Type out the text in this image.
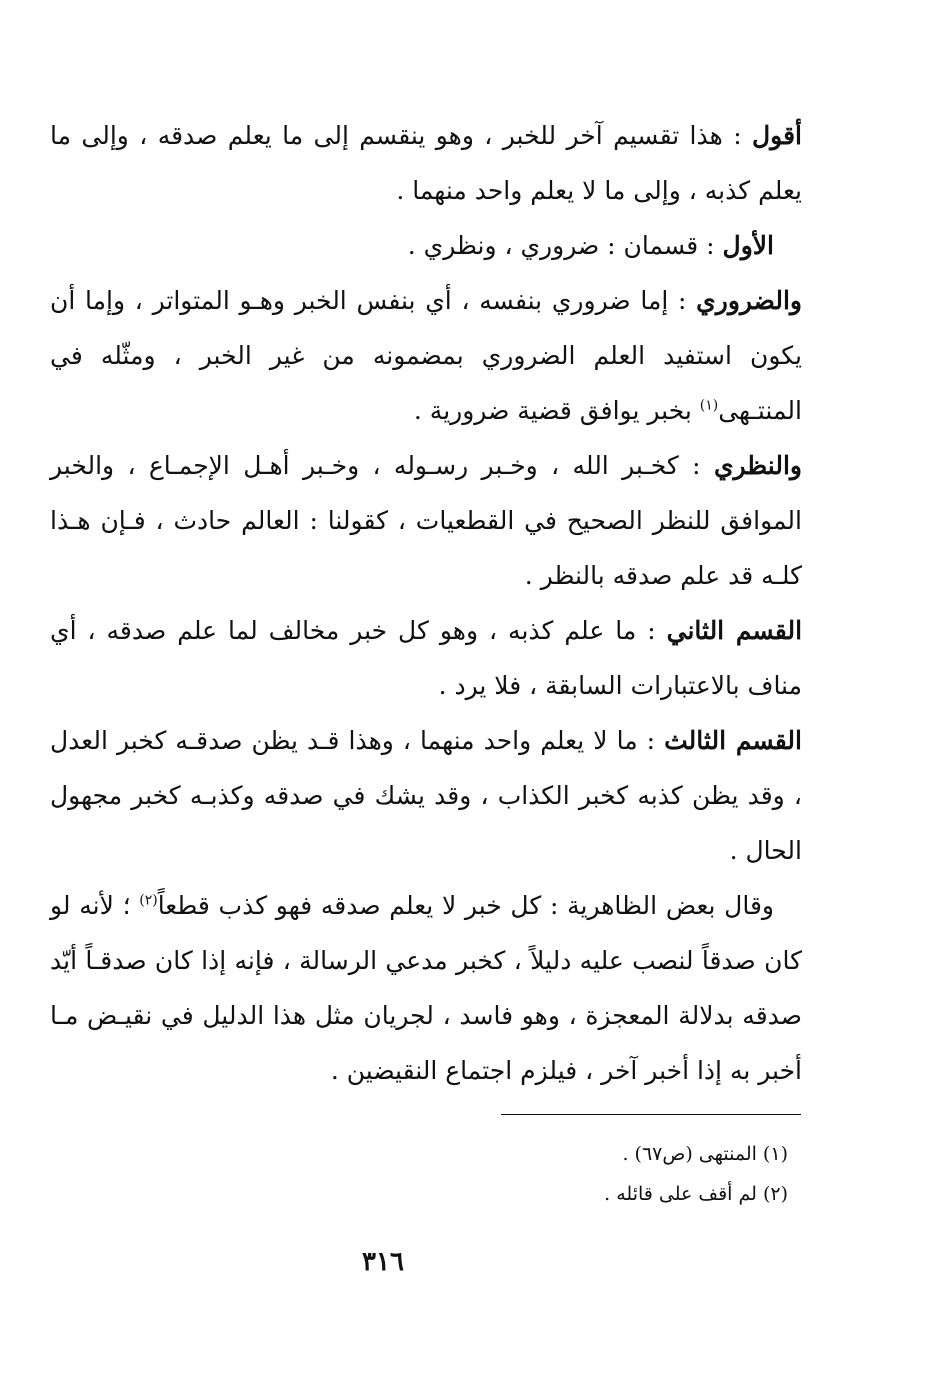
أقول : هذا تقسيم آخر للخبر ، وهو ينقسم إلى ما يعلم صدقه ، وإلى ما يعلم كذبه ، وإلى ما لا يعلم واحد منهما .

الأول : قسمان : ضروري ، ونظري .

والضروري : إما ضروري بنفسه ، أي بنفس الخبر وهـو المتواتر ، وإما أن يكون استفيد العلم الضروري بمضمونه من غير الخبر ، ومثّله في المنتـهى$^{(١)}$ بخبر يوافق قضية ضرورية .

والنظري : كخـبر الله ، وخـبر رسـوله ، وخـبر أهـل الإجمـاع ، والخبر الموافق للنظر الصحيح في القطعيات ، كقولنا : العالم حادث ، فـإن هـذا كلـه قد علم صدقه بالنظر .

القسم الثاني : ما علم كذبه ، وهو كل خبر مخالف لما علم صدقه ، أي مناف بالاعتبارات السابقة ، فلا يرد .

القسم الثالث : ما لا يعلم واحد منهما ، وهذا قـد يظن صدقـه كخبر العدل ، وقد يظن كذبه كخبر الكذاب ، وقد يشك في صدقه وكذبـه كخبر مجهول الحال .

وقال بعض الظاهرية : كل خبر لا يعلم صدقه فهو كذب قطعاً$^{(٢)}$ ؛ لأنه لو كان صدقاً لنصب عليه دليلاً ، كخبر مدعي الرسالة ، فإنه إذا كان صدقـاً أيّد صدقه بدلالة المعجزة ، وهو فاسد ، لجريان مثل هذا الدليل في نقيـض مـا أخبر به إذا أخبر آخر ، فيلزم اجتماع النقيضين .

(١) المنتهى (ص٦٧) .

(٢) لم أقف على قائله .

٣١٦
